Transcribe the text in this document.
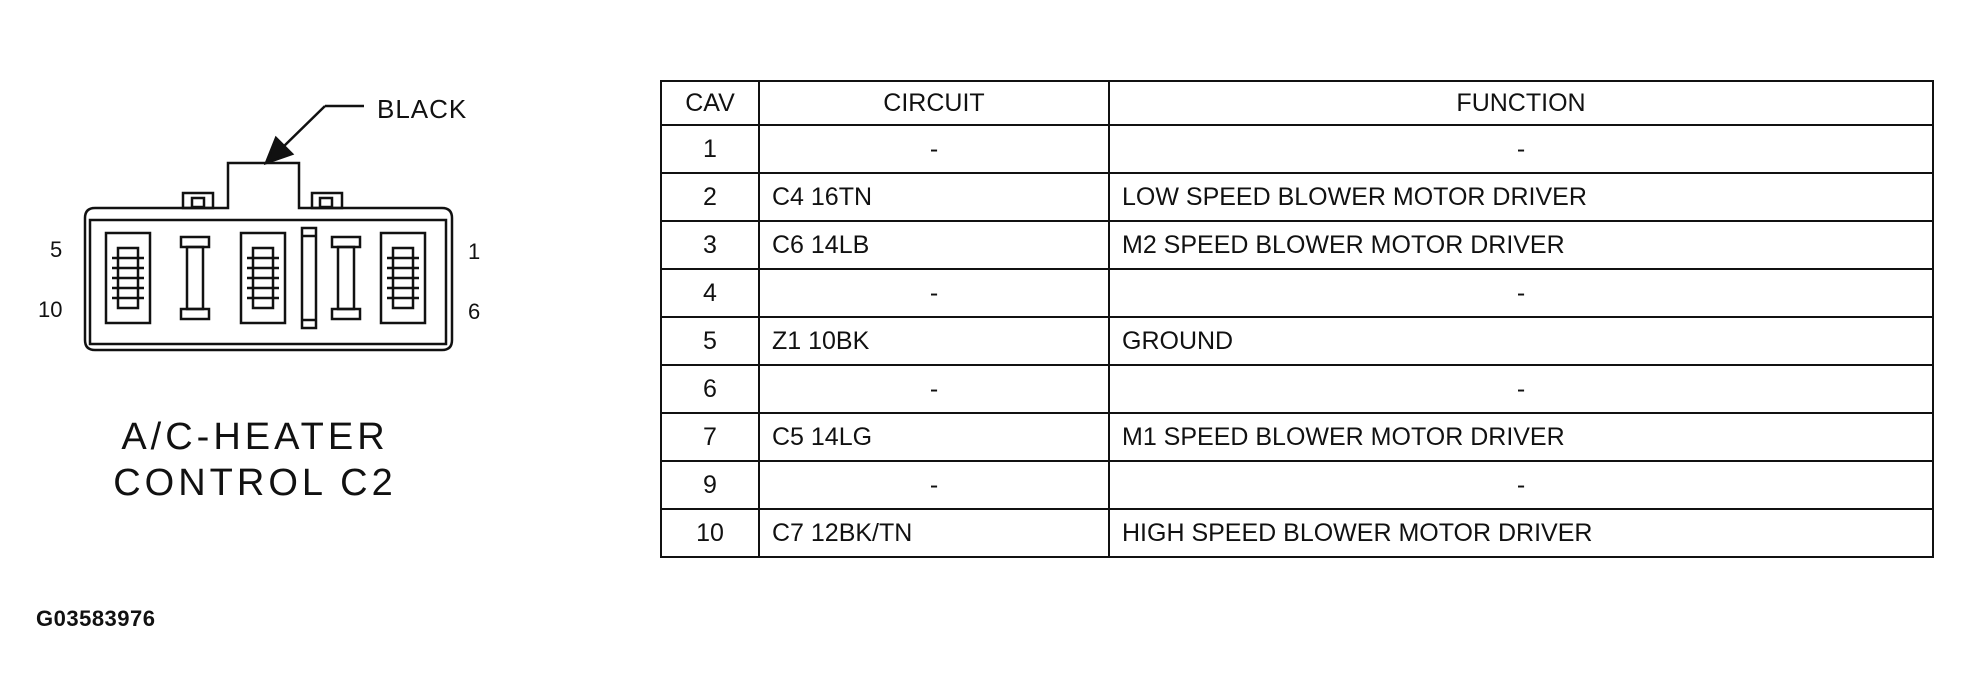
BLACK
5
10
1
6
A/C-HEATER
CONTROL C2
CAV	CIRCUIT	FUNCTION
1	-	-
2	C4 16TN	LOW SPEED BLOWER MOTOR DRIVER
3	C6 14LB	M2 SPEED BLOWER MOTOR DRIVER
4	-	-
5	Z1 10BK	GROUND
6	-	-
7	C5 14LG	M1 SPEED BLOWER MOTOR DRIVER
9	-	-
10	C7 12BK/TN	HIGH SPEED BLOWER MOTOR DRIVER
G03583976
